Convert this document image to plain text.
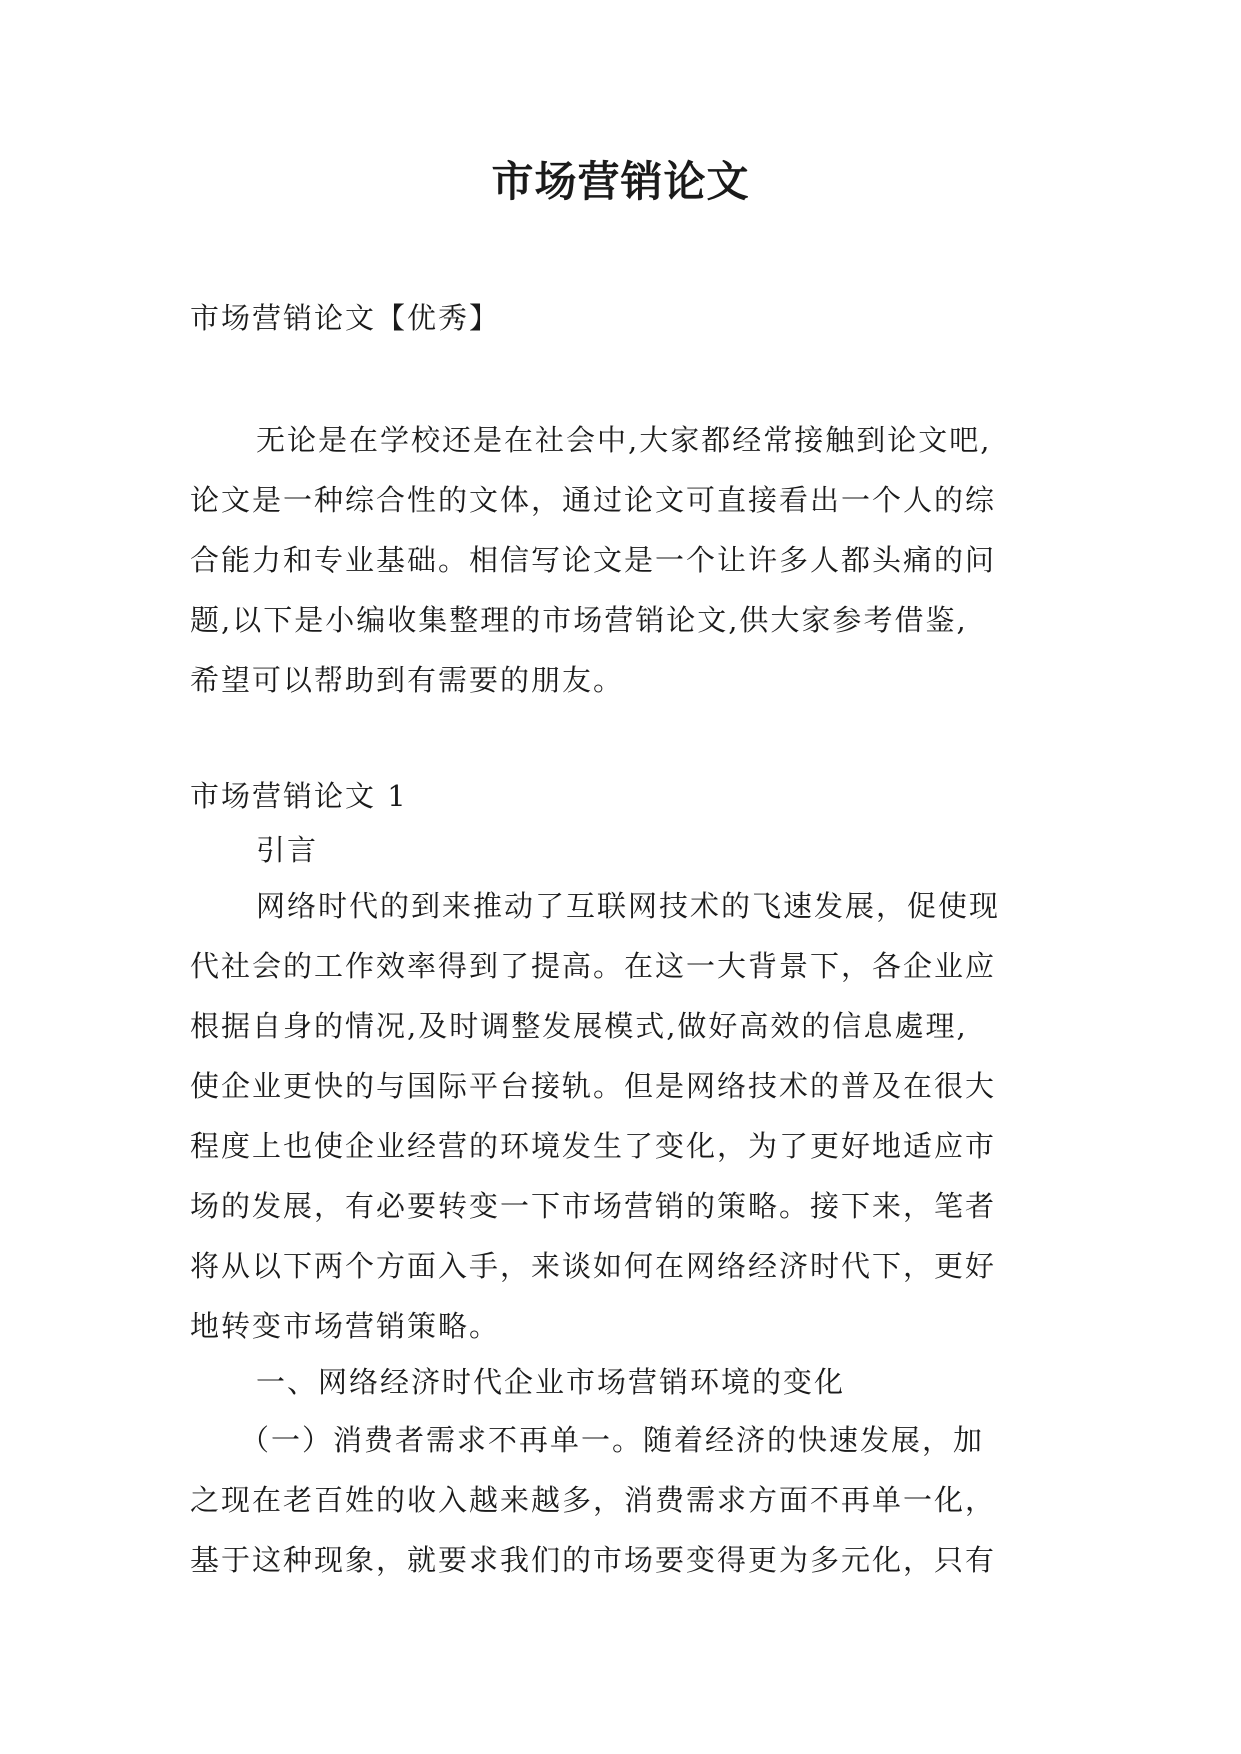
市场营销论文

市场营销论文【优秀】

无论是在学校还是在社会中,大家都经常接触到论文吧,

论文是一种综合性的文体，通过论文可直接看出一个人的综

合能力和专业基础。相信写论文是一个让许多人都头痛的问

题,以下是小编收集整理的市场营销论文,供大家参考借鉴,

希望可以帮助到有需要的朋友。

市场营销论文 1

引言

网络时代的到来推动了互联网技术的飞速发展，促使现

代社会的工作效率得到了提高。在这一大背景下，各企业应

根据自身的情况,及时调整发展模式,做好高效的信息處理,

使企业更快的与国际平台接轨。但是网络技术的普及在很大

程度上也使企业经营的环境发生了变化，为了更好地适应市

场的发展，有必要转变一下市场营销的策略。接下来，笔者

将从以下两个方面入手，来谈如何在网络经济时代下，更好

地转变市场营销策略。

一、网络经济时代企业市场营销环境的变化

（一）消费者需求不再单一。随着经济的快速发展，加

之现在老百姓的收入越来越多，消费需求方面不再单一化，

基于这种现象，就要求我们的市场要变得更为多元化，只有
